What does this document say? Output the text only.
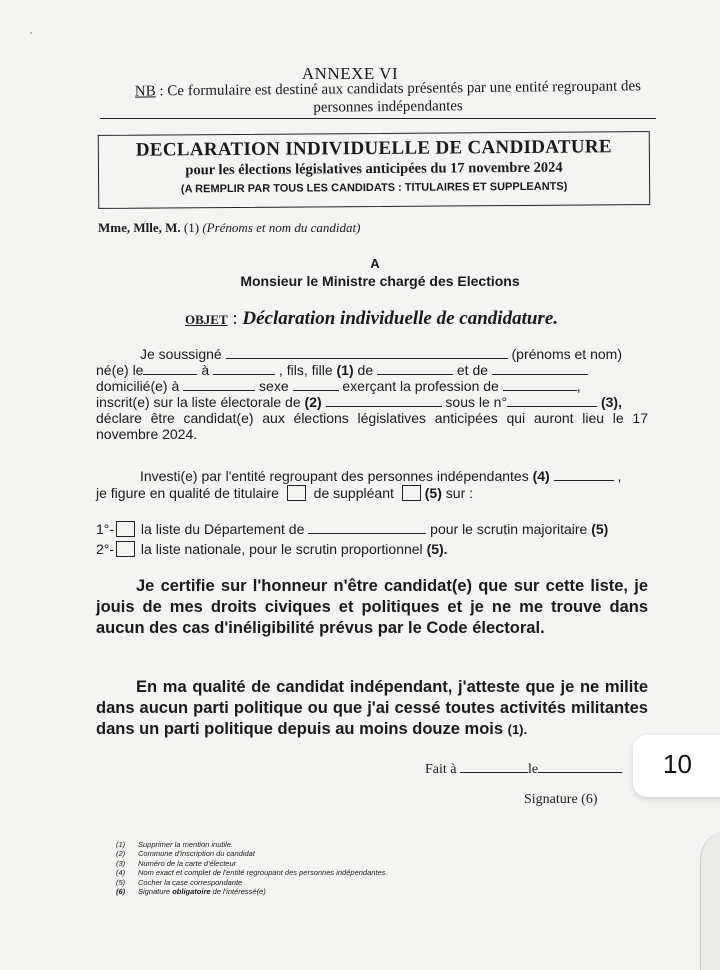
ANNEXE VI
NB : Ce formulaire est destiné aux candidats présentés par une entité regroupant des personnes indépendantes
DECLARATION INDIVIDUELLE DE CANDIDATURE
pour les élections législatives anticipées du 17 novembre 2024
(A REMPLIR PAR TOUS LES CANDIDATS : TITULAIRES ET SUPPLEANTS)
Mme, Mlle, M. (1) (Prénoms et nom du candidat)
A
Monsieur le Ministre chargé des Elections
OBJET : Déclaration individuelle de candidature.

Je soussigné	(prénoms et nom)

né(e) le	à	, fils, fille (1) de	et de

domicilié(e) à	sexe	exerçant la profession de	,

inscrit(e) sur la liste électorale de (2)	sous le n°	(3),

déclare être candidat(e) aux élections législatives anticipées qui auront lieu le 17 novembre 2024.

Investi(e) par l'entité regroupant des personnes indépendantes (4)	,

je figure en qualité de titulaire  de suppléant (5) sur :

1°- la liste du Département de	pour le scrutin majoritaire (5)

2°- la liste nationale, pour le scrutin proportionnel (5).

Je certifie sur l'honneur n'être candidat(e) que sur cette liste, je jouis de mes droits civiques et politiques et je ne me trouve dans aucun des cas d'inéligibilité prévus par le Code électoral.

En ma qualité de candidat indépendant, j'atteste que je ne milite dans aucun parti politique ou que j'ai cessé toutes activités militantes dans un parti politique depuis au moins douze mois (1).

Fait à	le
Signature (6)
(1) Supprimer la mention inutile.
(2) Commune d'inscription du candidat
(3) Numéro de la carte d'électeur
(4) Nom exact et complet de l'entité regroupant des personnes indépendantes.
(5) Cocher la case correspondante
(6) Signature obligatoire de l'intéressé(e)
10
